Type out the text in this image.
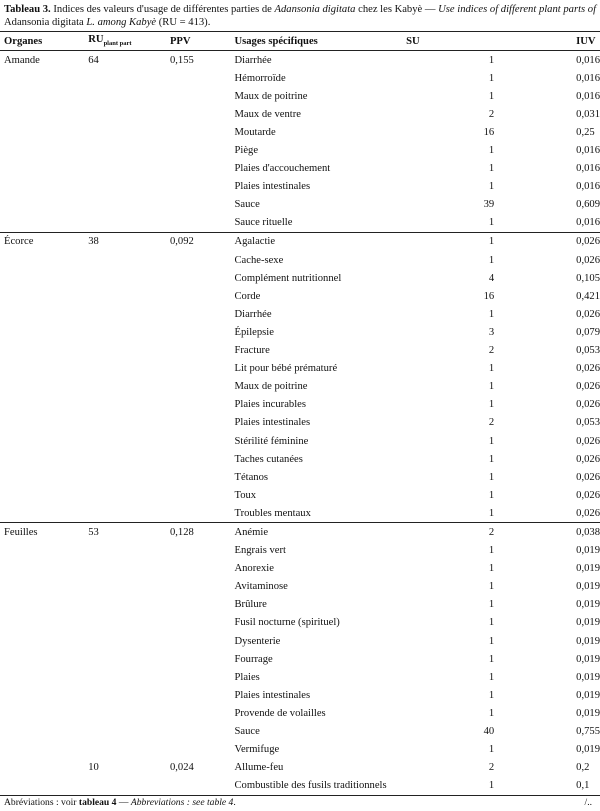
Tableau 3. Indices des valeurs d'usage de différentes parties de Adansonia digitata chez les Kabyè — Use indices of different plant parts of Adansonia digitata L. among Kabyè (RU = 413).
Organes	$RU_{plant part}$	PPV	Usages spécifiques	SU	IUV
Amande	64	0,155	Diarrhée	1	0,016
			Hémorroïde	1	0,016
			Maux de poitrine	1	0,016
			Maux de ventre	2	0,031
			Moutarde	16	0,25
			Piège	1	0,016
			Plaies d'accouchement	1	0,016
			Plaies intestinales	1	0,016
			Sauce	39	0,609
			Sauce rituelle	1	0,016
Écorce	38	0,092	Agalactie	1	0,026
			Cache-sexe	1	0,026
			Complément nutritionnel	4	0,105
			Corde	16	0,421
			Diarrhée	1	0,026
			Épilepsie	3	0,079
			Fracture	2	0,053
			Lit pour bébé prématuré	1	0,026
			Maux de poitrine	1	0,026
			Plaies incurables	1	0,026
			Plaies intestinales	2	0,053
			Stérilité féminine	1	0,026
			Taches cutanées	1	0,026
			Tétanos	1	0,026
			Toux	1	0,026
			Troubles mentaux	1	0,026
Feuilles	53	0,128	Anémie	2	0,038
			Engrais vert	1	0,019
			Anorexie	1	0,019
			Avitaminose	1	0,019
			Brûlure	1	0,019
			Fusil nocturne (spirituel)	1	0,019
			Dysenterie	1	0,019
			Fourrage	1	0,019
			Plaies	1	0,019
			Plaies intestinales	1	0,019
			Provende de volailles	1	0,019
			Sauce	40	0,755
			Vermifuge	1	0,019
	10	0,024	Allume-feu	2	0,2
			Combustible des fusils traditionnels	1	0,1
Abréviations : voir tableau 4 — Abbreviations : see table 4.	/..
